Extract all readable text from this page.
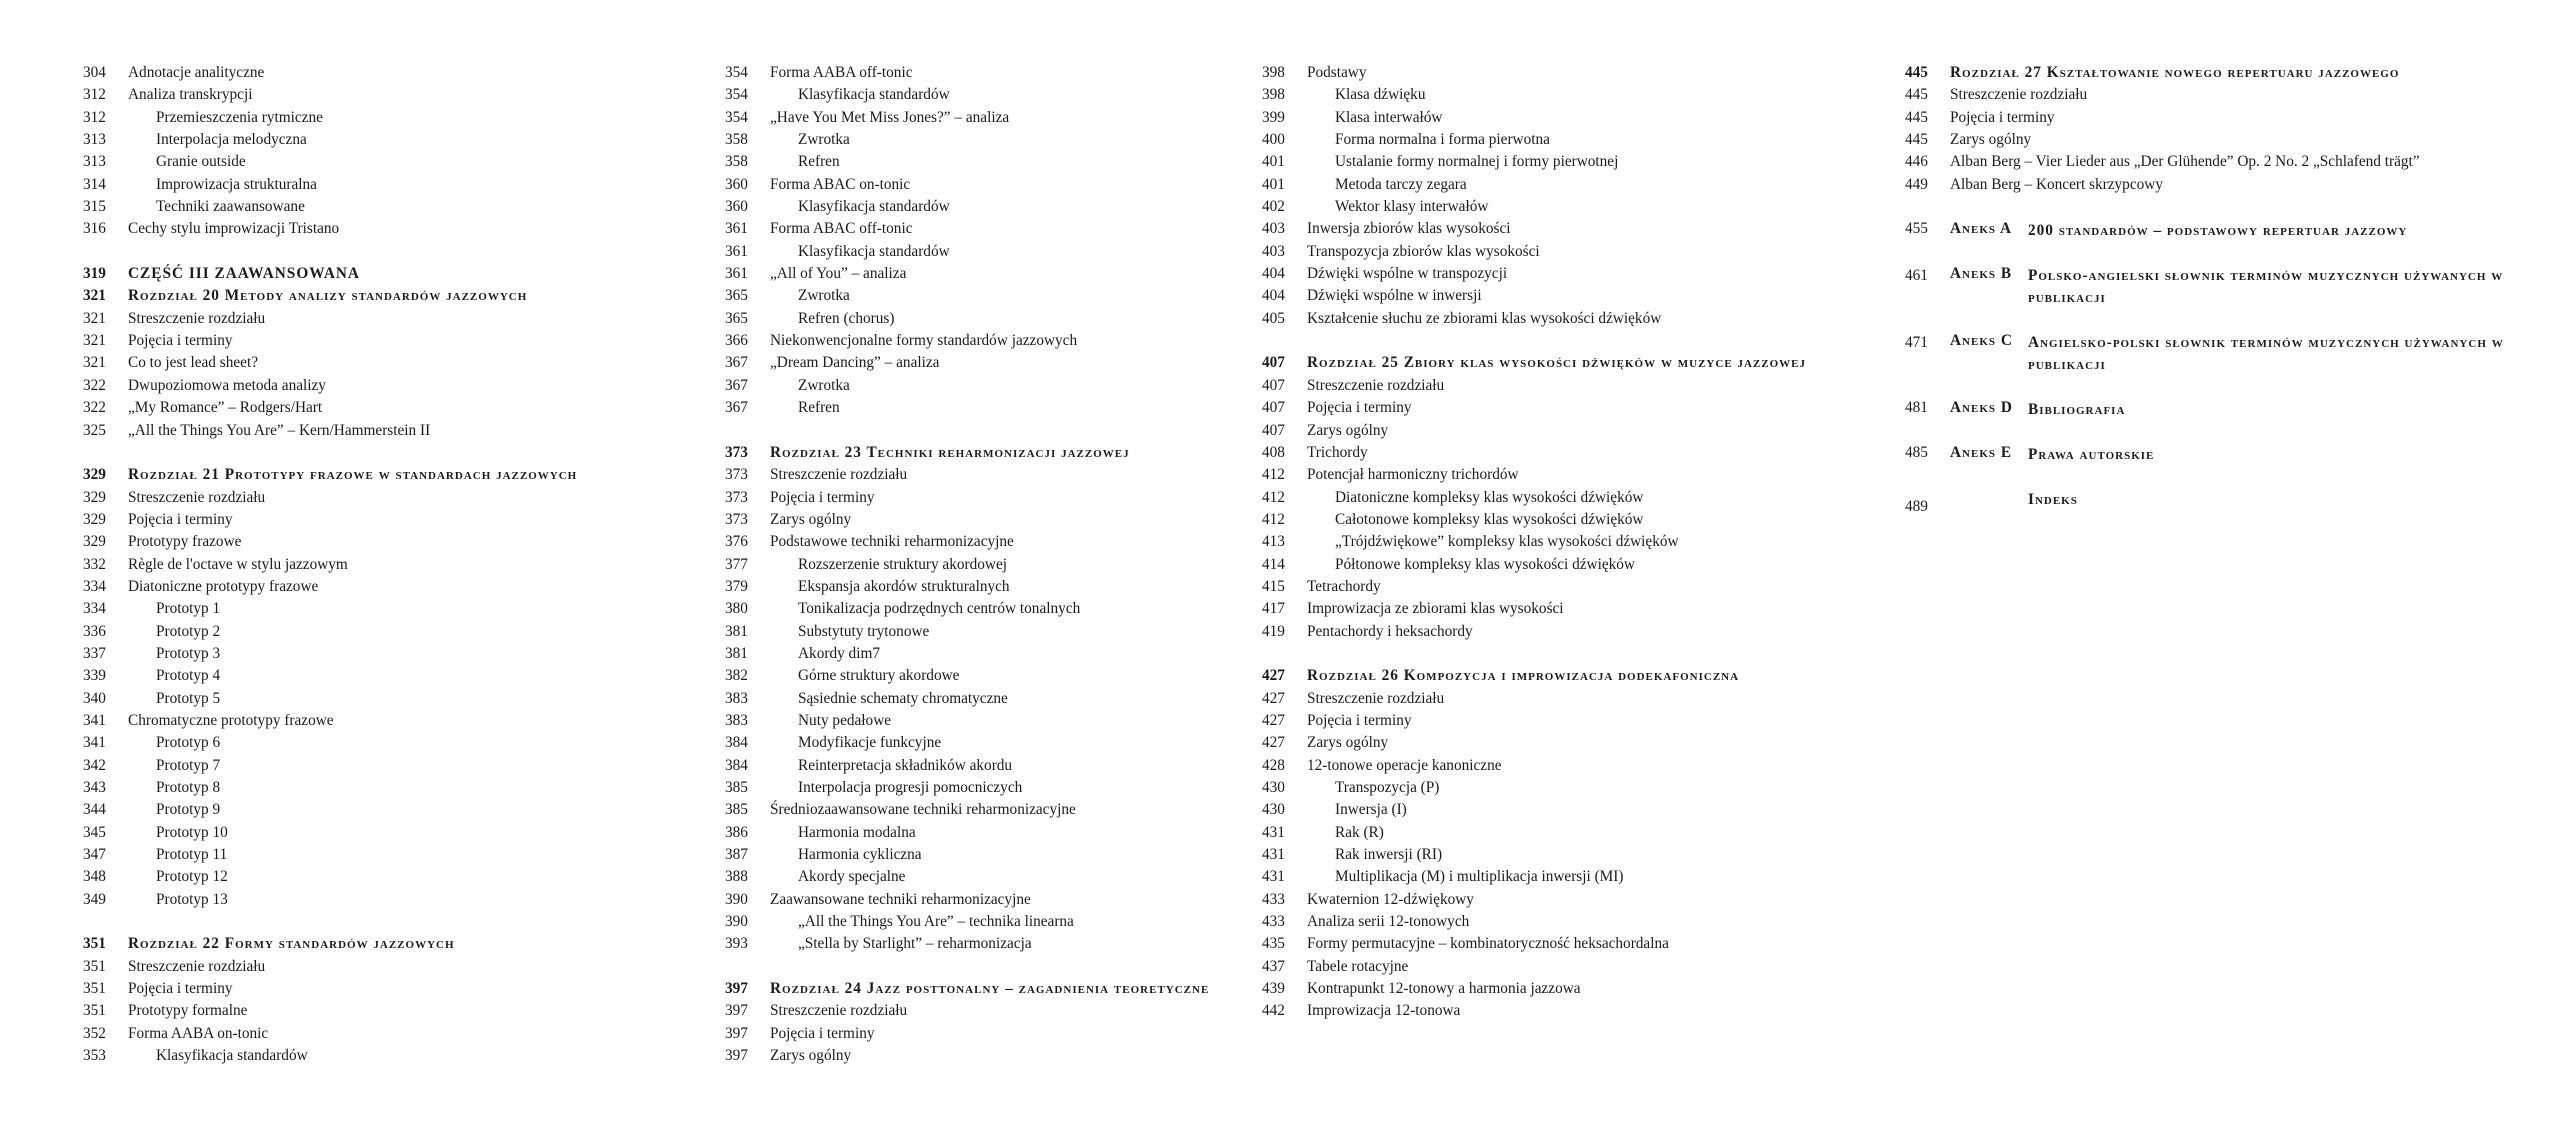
304	Adnotacje analityczne
312	Analiza transkrypcji
312	Przemieszczenia rytmiczne
313	Interpolacja melodyczna
313	Granie outside
314	Improwizacja strukturalna
315	Techniki zaawansowane
316	Cechy stylu improwizacji Tristano
319	CZĘŚĆ III ZAAWANSOWANA
321	Rozdział 20 Metody analizy standardów jazzowych
321	Streszczenie rozdziału
321	Pojęcia i terminy
321	Co to jest lead sheet?
322	Dwupoziomowa metoda analizy
322	„My Romance” – Rodgers/Hart
325	„All the Things You Are” – Kern/Hammerstein II
329	Rozdział 21 Prototypy frazowe w standardach jazzowych
329	Streszczenie rozdziału
329	Pojęcia i terminy
329	Prototypy frazowe
332	Règle de l'octave w stylu jazzowym
334	Diatoniczne prototypy frazowe
334	Prototyp 1
336	Prototyp 2
337	Prototyp 3
339	Prototyp 4
340	Prototyp 5
341	Chromatyczne prototypy frazowe
341	Prototyp 6
342	Prototyp 7
343	Prototyp 8
344	Prototyp 9
345	Prototyp 10
347	Prototyp 11
348	Prototyp 12
349	Prototyp 13
351	Rozdział 22 Formy standardów jazzowych
351	Streszczenie rozdziału
351	Pojęcia i terminy
351	Prototypy formalne
352	Forma AABA on-tonic
353	Klasyfikacja standardów
354	Forma AABA off-tonic
354	Klasyfikacja standardów
354	„Have You Met Miss Jones?” – analiza
358	Zwrotka
358	Refren
360	Forma ABAC on-tonic
360	Klasyfikacja standardów
361	Forma ABAC off-tonic
361	Klasyfikacja standardów
361	„All of You” – analiza
365	Zwrotka
365	Refren (chorus)
366	Niekonwencjonalne formy standardów jazzowych
367	„Dream Dancing” – analiza
367	Zwrotka
367	Refren
373	Rozdział 23 Techniki reharmonizacji jazzowej
373	Streszczenie rozdziału
373	Pojęcia i terminy
373	Zarys ogólny
376	Podstawowe techniki reharmonizacyjne
377	Rozszerzenie struktury akordowej
379	Ekspansja akordów strukturalnych
380	Tonikalizacja podrzędnych centrów tonalnych
381	Substytuty trytonowe
381	Akordy dim7
382	Górne struktury akordowe
383	Sąsiednie schematy chromatyczne
383	Nuty pedałowe
384	Modyfikacje funkcyjne
384	Reinterpretacja składników akordu
385	Interpolacja progresji pomocniczych
385	Średniozaawansowane techniki reharmonizacyjne
386	Harmonia modalna
387	Harmonia cykliczna
388	Akordy specjalne
390	Zaawansowane techniki reharmonizacyjne
390	„All the Things You Are” – technika linearna
393	„Stella by Starlight” – reharmonizacja
397	Rozdział 24 Jazz posttonalny – zagadnienia teoretyczne
397	Streszczenie rozdziału
397	Pojęcia i terminy
397	Zarys ogólny
398	Podstawy
398	Klasa dźwięku
399	Klasa interwałów
400	Forma normalna i forma pierwotna
401	Ustalanie formy normalnej i formy pierwotnej
401	Metoda tarczy zegara
402	Wektor klasy interwałów
403	Inwersja zbiorów klas wysokości
403	Transpozycja zbiorów klas wysokości
404	Dźwięki wspólne w transpozycji
404	Dźwięki wspólne w inwersji
405	Kształcenie słuchu ze zbiorami klas wysokości dźwięków
407	Rozdział 25 Zbiory klas wysokości dźwięków w muzyce jazzowej
407	Streszczenie rozdziału
407	Pojęcia i terminy
407	Zarys ogólny
408	Trichordy
412	Potencjał harmoniczny trichordów
412	Diatoniczne kompleksy klas wysokości dźwięków
412	Całotonowe kompleksy klas wysokości dźwięków
413	„Trójdźwiękowe” kompleksy klas wysokości dźwięków
414	Półtonowe kompleksy klas wysokości dźwięków
415	Tetrachordy
417	Improwizacja ze zbiorami klas wysokości
419	Pentachordy i heksachordy
427	Rozdział 26 Kompozycja i improwizacja dodekafoniczna
427	Streszczenie rozdziału
427	Pojęcia i terminy
427	Zarys ogólny
428	12-tonowe operacje kanoniczne
430	Transpozycja (P)
430	Inwersja (I)
431	Rak (R)
431	Rak inwersji (RI)
431	Multiplikacja (M) i multiplikacja inwersji (MI)
433	Kwaternion 12-dźwiękowy
433	Analiza serii 12-tonowych
435	Formy permutacyjne – kombinatoryczność heksachordalna
437	Tabele rotacyjne
439	Kontrapunkt 12-tonowy a harmonia jazzowa
442	Improwizacja 12-tonowa
445	Rozdział 27 Kształtowanie nowego repertuaru jazzowego
445	Streszczenie rozdziału
445	Pojęcia i terminy
445	Zarys ogólny
446	Alban Berg – Vier Lieder aus „Der Glühende” Op. 2 No. 2 „Schlafend trägt”
449	Alban Berg – Koncert skrzypcowy
455	Aneks A	200 standardów – podstawowy repertuar jazzowy
461	Aneks B	Polsko-angielski słownik terminów muzycznych używanych w publikacji
471	Aneks C Angielsko-polski słownik terminów muzycznych używanych w publikacji
481	Aneks D Bibliografia
485	Aneks E	Prawa autorskie
489	Indeks
